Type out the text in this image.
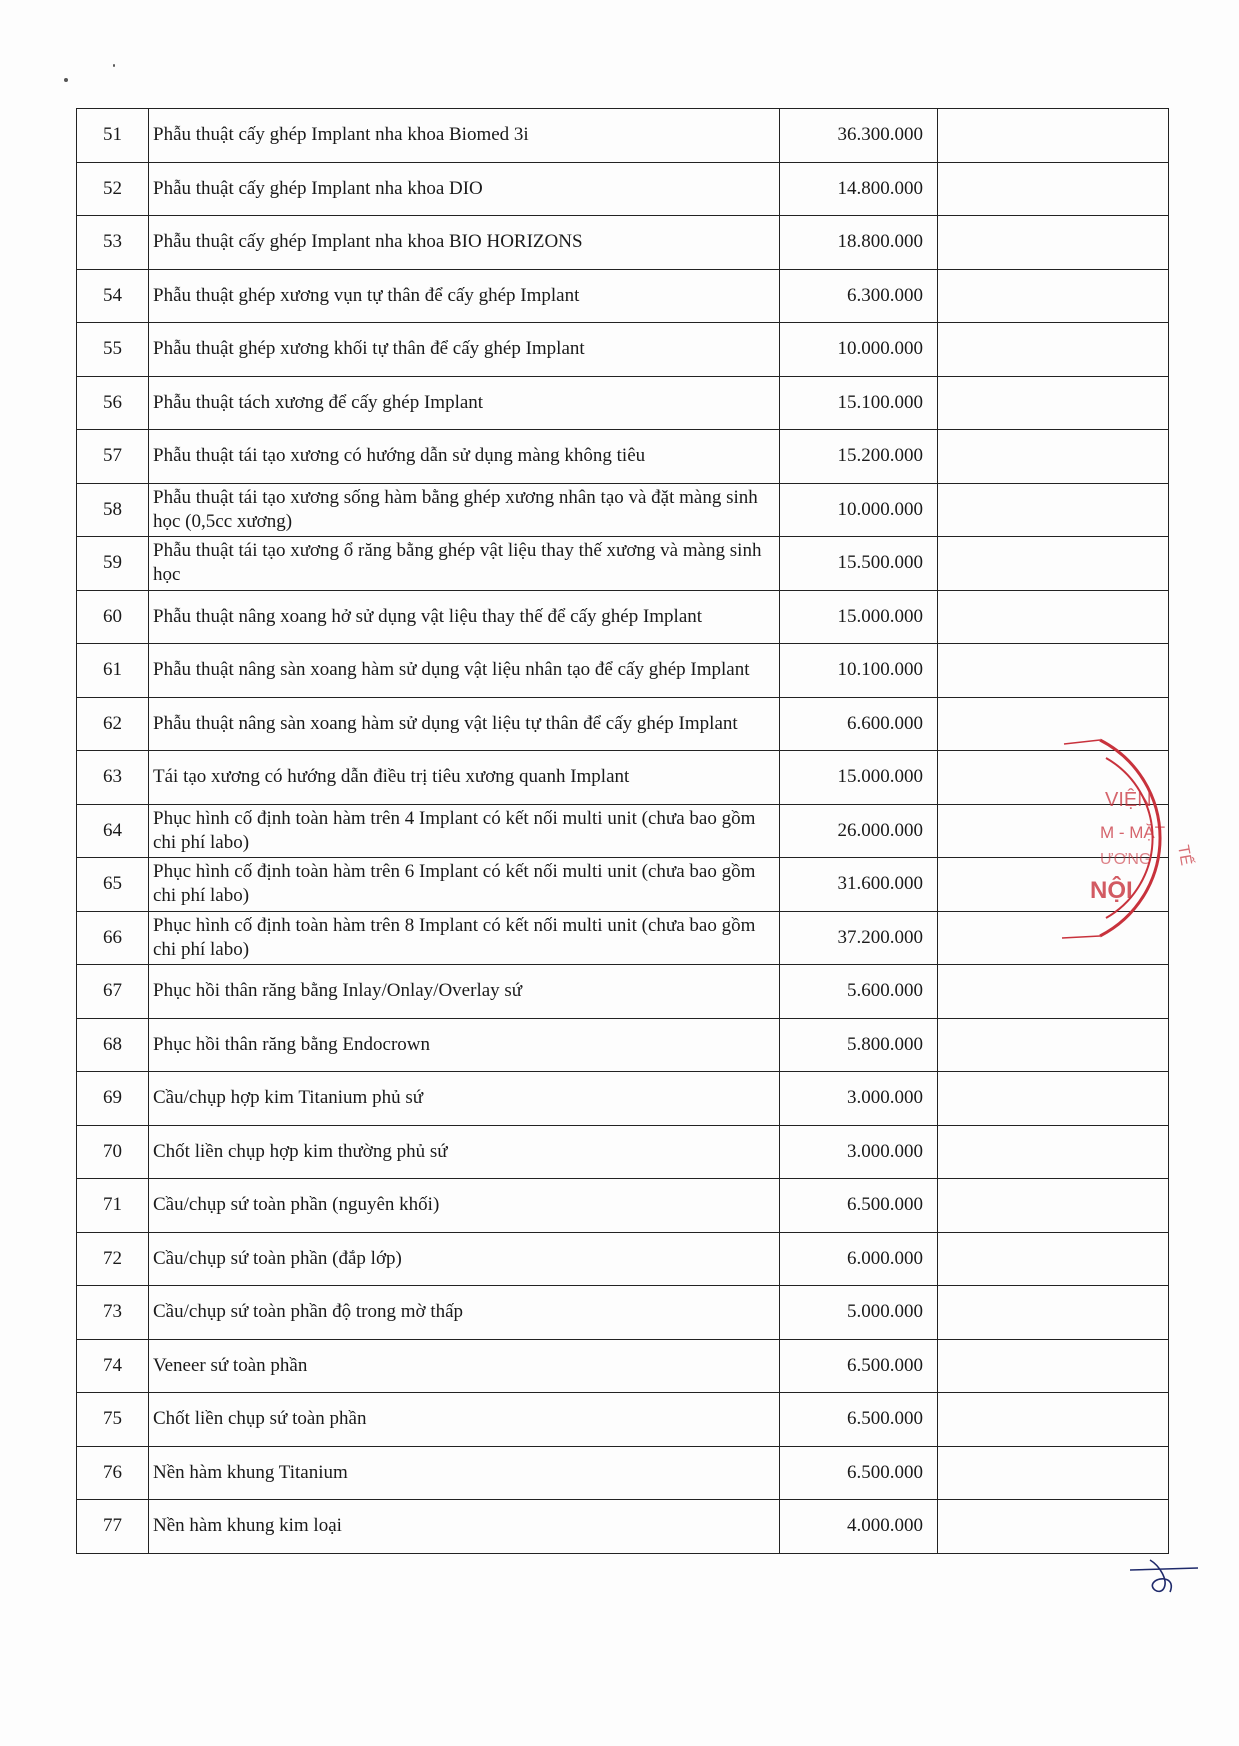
51	Phẫu thuật cấy ghép Implant nha khoa Biomed 3i	36.300.000	
52	Phẫu thuật cấy ghép Implant nha khoa DIO	14.800.000	
53	Phẫu thuật cấy ghép Implant nha khoa BIO HORIZONS	18.800.000	
54	Phẫu thuật ghép xương vụn tự thân để cấy ghép Implant	6.300.000	
55	Phẫu thuật ghép xương khối tự thân để cấy ghép Implant	10.000.000	
56	Phẫu thuật tách xương để cấy ghép Implant	15.100.000	
57	Phẫu thuật tái tạo xương có hướng dẫn sử dụng màng không tiêu	15.200.000	
58	Phẫu thuật tái tạo xương sống hàm bằng ghép xương nhân tạo và đặt màng sinh học (0,5cc xương)	10.000.000	
59	Phẫu thuật tái tạo xương ổ răng bằng ghép vật liệu thay thế xương và màng sinh học	15.500.000	
60	Phẫu thuật nâng xoang hở sử dụng vật liệu thay thế để cấy ghép Implant	15.000.000	
61	Phẫu thuật nâng sàn xoang hàm sử dụng vật liệu nhân tạo để cấy ghép Implant	10.100.000	
62	Phẫu thuật nâng sàn xoang hàm sử dụng vật liệu tự thân để cấy ghép Implant	6.600.000	
63	Tái tạo xương có hướng dẫn điều trị tiêu xương quanh Implant	15.000.000	
64	Phục hình cố định toàn hàm trên 4 Implant có kết nối multi unit (chưa bao gồm chi phí labo)	26.000.000	
65	Phục hình cố định toàn hàm trên 6 Implant có kết nối multi unit (chưa bao gồm chi phí labo)	31.600.000	
66	Phục hình cố định toàn hàm trên 8 Implant có kết nối multi unit (chưa bao gồm chi phí labo)	37.200.000	
67	Phục hồi thân răng bằng Inlay/Onlay/Overlay sứ	5.600.000	
68	Phục hồi thân răng bằng Endocrown	5.800.000	
69	Cầu/chụp hợp kim Titanium phủ sứ	3.000.000	
70	Chốt liền chụp hợp kim thường phủ sứ	3.000.000	
71	Cầu/chụp sứ toàn phần (nguyên khối)	6.500.000	
72	Cầu/chụp sứ toàn phần (đắp lớp)	6.000.000	
73	Cầu/chụp sứ toàn phần độ trong mờ thấp	5.000.000	
74	Veneer sứ toàn phần	6.500.000	
75	Chốt liền chụp sứ toàn phần	6.500.000	
76	Nền hàm khung Titanium	6.500.000	
77	Nền hàm khung kim loại	4.000.000	
VIỆN
M - MẶT
ƯƠNG
NỘI
TẾ
